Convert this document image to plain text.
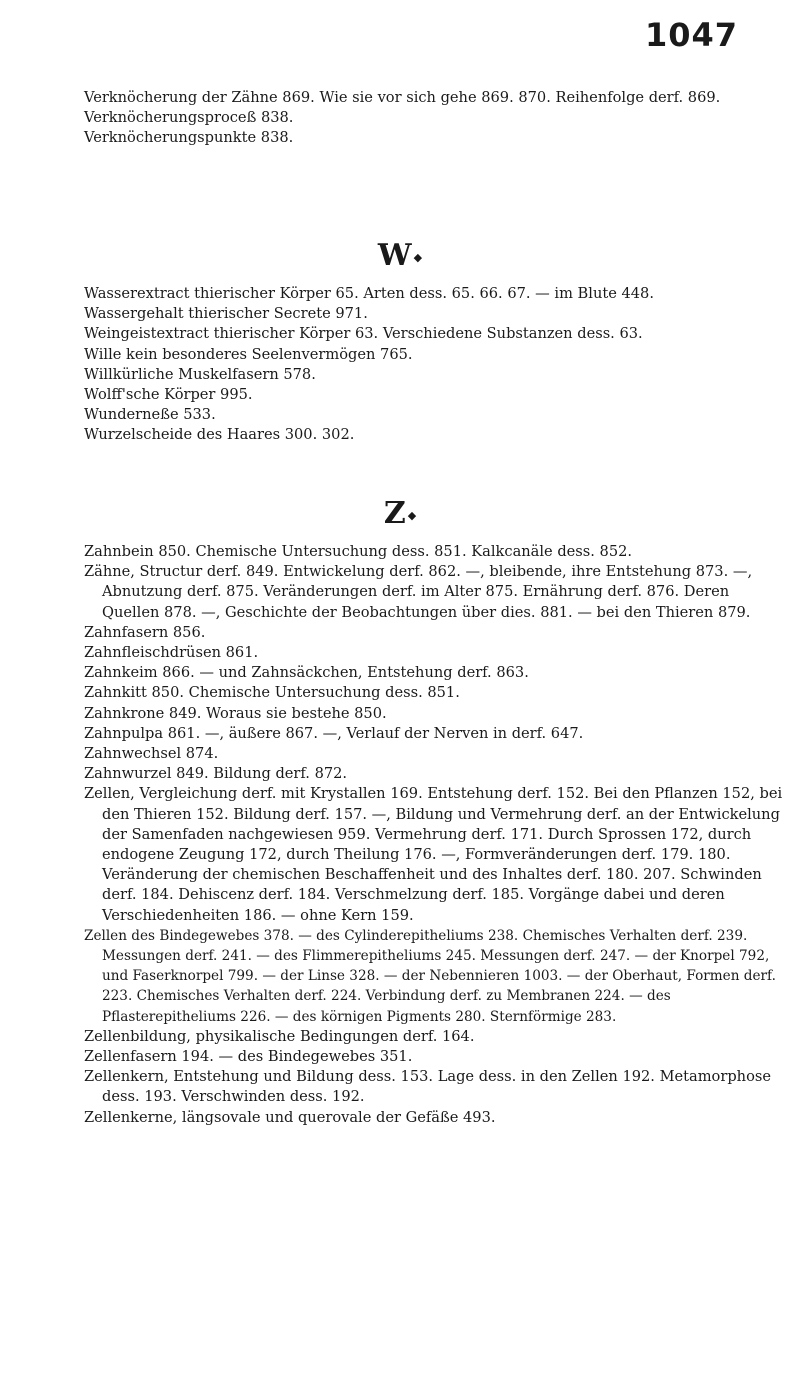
1047

Verknöcherung der Zähne 869. Wie sie vor sich gehe 869. 870. Reihenfolge derf. 869.

Verknöcherungsproceß 838.

Verknöcherungspunkte 838.

W ◆

Wasserextract thierischer Körper 65. Arten dess. 65. 66. 67. — im Blute 448.

Wassergehalt thierischer Secrete 971.

Weingeistextract thierischer Körper 63. Verschiedene Substanzen dess. 63.

Wille kein besonderes Seelenvermögen 765.

Willkürliche Muskelfasern 578.

Wolff'sche Körper 995.

Wunderneße 533.

Wurzelscheide des Haares 300. 302.

Z ◆

Zahnbein 850. Chemische Untersuchung dess. 851. Kalkcanäle dess. 852.

Zähne, Structur derf. 849. Entwickelung derf. 862. —, bleibende, ihre Entstehung 873. —, Abnutzung derf. 875. Veränderungen derf. im Alter 875. Ernährung derf. 876. Deren Quellen 878. —, Geschichte der Beobachtungen über dies. 881. — bei den Thieren 879.

Zahnfasern 856.

Zahnfleischdrüsen 861.

Zahnkeim 866. — und Zahnsäckchen, Entstehung derf. 863.

Zahnkitt 850. Chemische Untersuchung dess. 851.

Zahnkrone 849. Woraus sie bestehe 850.

Zahnpulpa 861. —, äußere 867. —, Verlauf der Nerven in derf. 647.

Zahnwechsel 874.

Zahnwurzel 849. Bildung derf. 872.

Zellen, Vergleichung derf. mit Krystallen 169. Entstehung derf. 152. Bei den Pflanzen 152, bei den Thieren 152. Bildung derf. 157. —, Bildung und Vermehrung derf. an der Entwickelung der Samenfaden nachgewiesen 959. Vermehrung derf. 171. Durch Sprossen 172, durch endogene Zeugung 172, durch Theilung 176. —, Formveränderungen derf. 179. 180. Veränderung der chemischen Beschaffenheit und des Inhaltes derf. 180. 207. Schwinden derf. 184. Dehiscenz derf. 184. Verschmelzung derf. 185. Vorgänge dabei und deren Verschiedenheiten 186. — ohne Kern 159.

Zellen des Bindegewebes 378. — des Cylinderepitheliums 238. Chemisches Verhalten derf. 239. Messungen derf. 241. — des Flimmerepitheliums 245. Messungen derf. 247. — der Knorpel 792, und Faserknorpel 799. — der Linse 328. — der Nebennieren 1003. — der Oberhaut, Formen derf. 223. Chemisches Verhalten derf. 224. Verbindung derf. zu Membranen 224. — des Pflasterepitheliums 226. — des körnigen Pigments 280. Sternförmige 283.

Zellenbildung, physikalische Bedingungen derf. 164.

Zellenfasern 194. — des Bindegewebes 351.

Zellenkern, Entstehung und Bildung dess. 153. Lage dess. in den Zellen 192. Metamorphose dess. 193. Verschwinden dess. 192.

Zellenkerne, längsovale und querovale der Gefäße 493.
